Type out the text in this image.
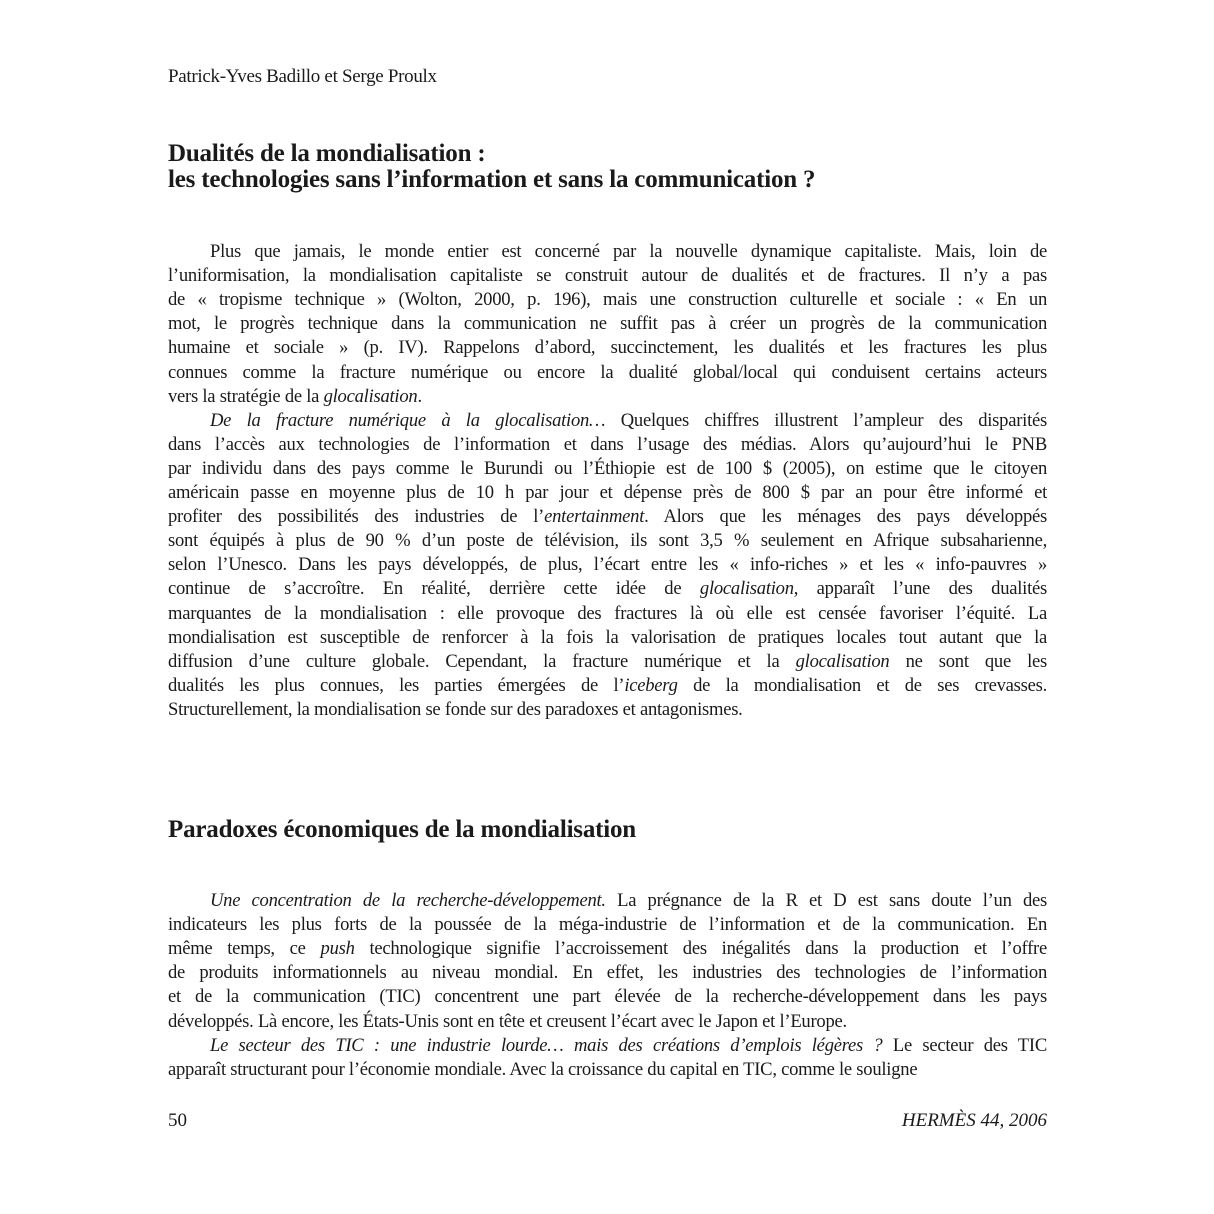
Patrick-Yves Badillo et Serge Proulx
Dualités de la mondialisation :
les technologies sans l’information et sans la communication ?
Paradoxes économiques de la mondialisation
Plus que jamais, le monde entier est concerné par la nouvelle dynamique capitaliste. Mais, loin de
l’uniformisation, la mondialisation capitaliste se construit autour de dualités et de fractures. Il n’y a pas
de « tropisme technique » (Wolton, 2000, p. 196), mais une construction culturelle et sociale : « En un
mot, le progrès technique dans la communication ne suffit pas à créer un progrès de la communication
humaine et sociale » (p. IV). Rappelons d’abord, succinctement, les dualités et les fractures les plus
connues comme la fracture numérique ou encore la dualité global/local qui conduisent certains acteurs
vers la stratégie de la glocalisation.
De la fracture numérique à la glocalisation… Quelques chiffres illustrent l’ampleur des disparités
dans l’accès aux technologies de l’information et dans l’usage des médias. Alors qu’aujourd’hui le PNB
par individu dans des pays comme le Burundi ou l’Éthiopie est de 100 $ (2005), on estime que le citoyen
américain passe en moyenne plus de 10 h par jour et dépense près de 800 $ par an pour être informé et
profiter des possibilités des industries de l’entertainment. Alors que les ménages des pays développés
sont équipés à plus de 90 % d’un poste de télévision, ils sont 3,5 % seulement en Afrique subsaharienne,
selon l’Unesco. Dans les pays développés, de plus, l’écart entre les « info-riches » et les « info-pauvres »
continue de s’accroître. En réalité, derrière cette idée de glocalisation, apparaît l’une des dualités
marquantes de la mondialisation : elle provoque des fractures là où elle est censée favoriser l’équité. La
mondialisation est susceptible de renforcer à la fois la valorisation de pratiques locales tout autant que la
diffusion d’une culture globale. Cependant, la fracture numérique et la glocalisation ne sont que les
dualités les plus connues, les parties émergées de l’iceberg de la mondialisation et de ses crevasses.
Structurellement, la mondialisation se fonde sur des paradoxes et antagonismes.
Une concentration de la recherche-développement. La prégnance de la R et D est sans doute l’un des
indicateurs les plus forts de la poussée de la méga-industrie de l’information et de la communication. En
même temps, ce push technologique signifie l’accroissement des inégalités dans la production et l’offre
de produits informationnels au niveau mondial. En effet, les industries des technologies de l’information
et de la communication (TIC) concentrent une part élevée de la recherche-développement dans les pays
développés. Là encore, les États-Unis sont en tête et creusent l’écart avec le Japon et l’Europe.
Le secteur des TIC : une industrie lourde… mais des créations d’emplois légères ? Le secteur des TIC
apparaît structurant pour l’économie mondiale. Avec la croissance du capital en TIC, comme le souligne
50	HERMÈS 44, 2006
